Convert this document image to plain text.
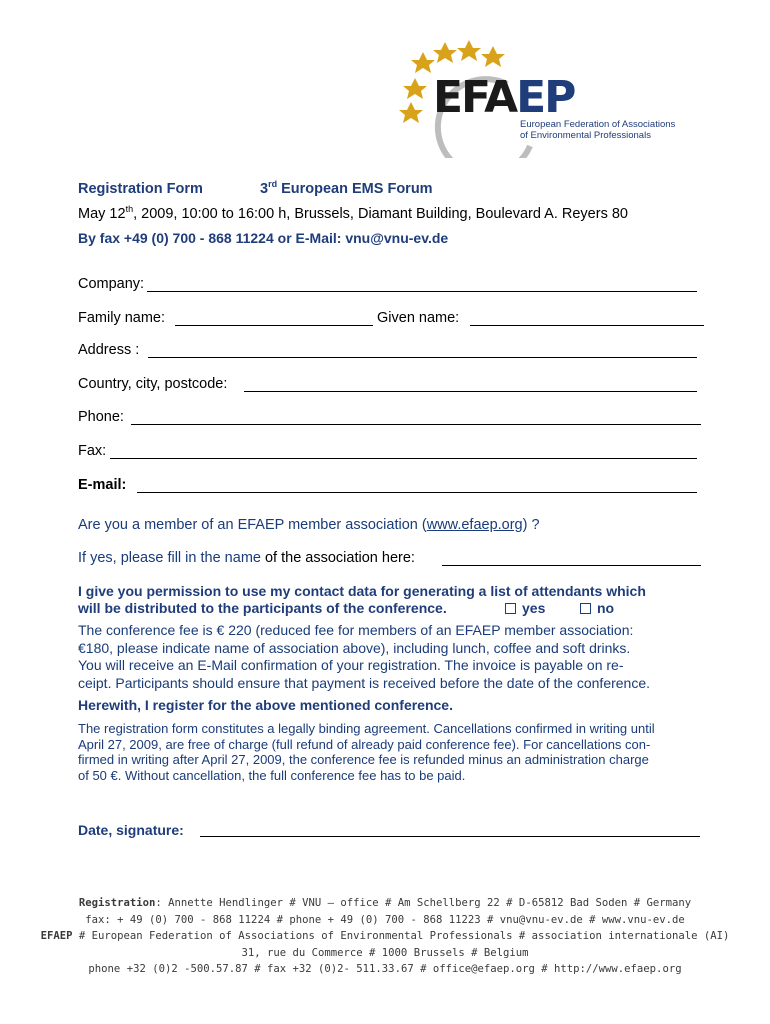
EFAEP
European Federation of Associations
of Environmental Professionals
Registration Form	3rd European EMS Forum
May 12th, 2009, 10:00 to 16:00 h, Brussels, Diamant Building, Boulevard A. Reyers 80
By fax +49 (0) 700 - 868 11224 or E-Mail: vnu@vnu-ev.de
Company:
Family name:	Given name:
Address :
Country, city, postcode:
Phone:
Fax:
E-mail:
Are you a member of an EFAEP member association (www.efaep.org) ?
If yes, please fill in the name of the association here:
I give you permission to use my contact data for generating a list of attendants which
will be distributed to the participants of the conference.	yes	no
The conference fee is € 220 (reduced fee for members of an EFAEP member association:
€180, please indicate name of association above), including lunch, coffee and soft drinks.
You will receive an E-Mail confirmation of your registration. The invoice is payable on re-
ceipt. Participants should ensure that payment is received before the date of the conference.
Herewith, I register for the above mentioned conference.
The registration form constitutes a legally binding agreement. Cancellations confirmed in writing until
April 27, 2009, are free of charge (full refund of already paid conference fee). For cancellations con-
firmed in writing after April 27, 2009, the conference fee is refunded minus an administration charge
of 50 €. Without cancellation, the full conference fee has to be paid.
Date, signature:
Registration: Annette Hendlinger # VNU – office # Am Schellberg 22 # D-65812 Bad Soden # Germany
fax: + 49 (0) 700 - 868 11224 # phone + 49 (0) 700 - 868 11223 # vnu@vnu-ev.de # www.vnu-ev.de
EFAEP # European Federation of Associations of Environmental Professionals # association internationale (AI)
31, rue du Commerce # 1000 Brussels # Belgium
phone +32 (0)2 -500.57.87 # fax +32 (0)2- 511.33.67 # office@efaep.org # http://www.efaep.org
